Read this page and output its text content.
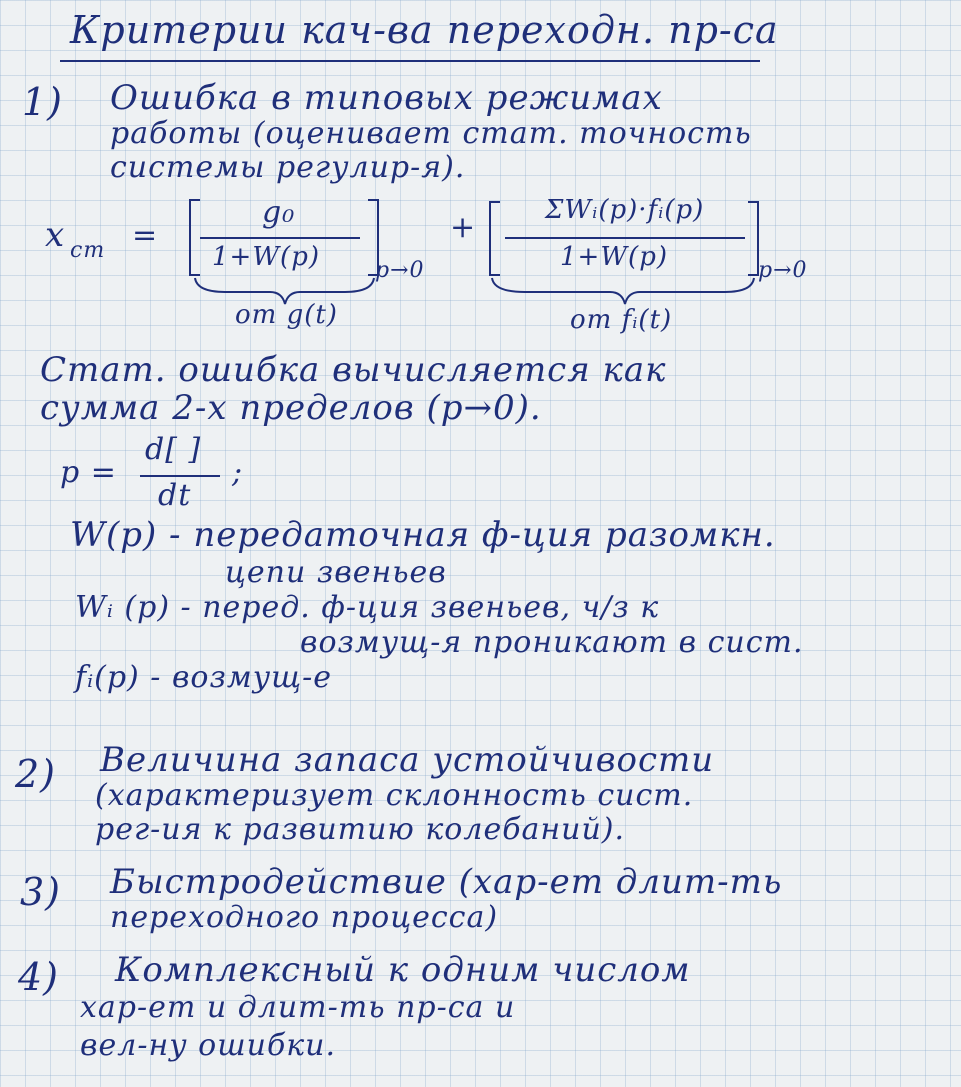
Критерии кач-ва переходн. пр-са
1) Ошибка в типовых режимах
работы (оценивает стат. точность
системы регулир-я).
x ст =
g₀
1+W(p)	p→0
+	ΣWᵢ(p)·fᵢ(p)
1+W(p)	p→0
от g(t)	от fᵢ(t)
Стат. ошибка вычисляется как
сумма 2-х пределов (p→0).
p =
d[ ]
dt
;
W(p) - передаточная ф-ция разомкн.
цепи звеньев
Wᵢ (p) - перед. ф-ция звеньев, ч/з к
возмущ-я проникают в сист.
fᵢ(p) - возмущ-е
2) Величина запаса устойчивости
(характеризует склонность сист.
рег-ия к развитию колебаний).
3) Быстродействие (хар-ет длит-ть
переходного процесса)
4) Комплексный к одним числом
хар-ет и длит-ть пр-са и
вел-ну ошибки.
